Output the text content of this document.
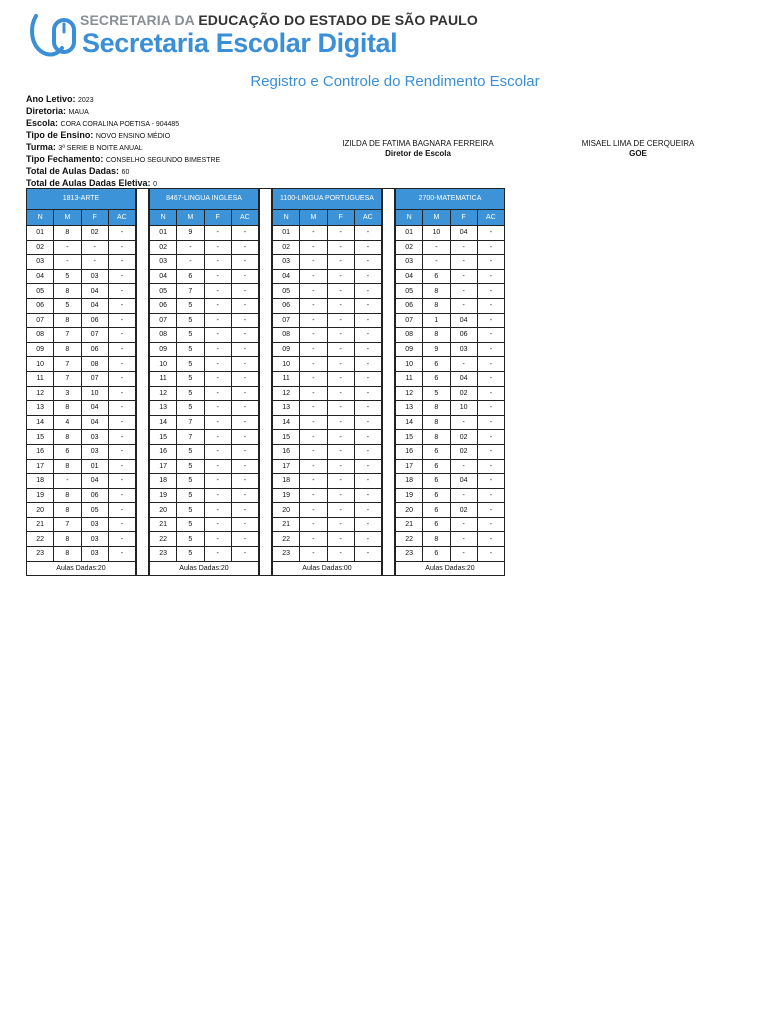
SECRETARIA DA EDUCAÇÃO DO ESTADO DE SÃO PAULO
Secretaria Escolar Digital
Registro e Controle do Rendimento Escolar
Ano Letivo: 2023
Diretoria: MAUA
Escola: CORA CORALINA POETISA - 904485
Tipo de Ensino: NOVO ENSINO MÉDIO
Turma: 3ª SERIE B NOITE ANUAL
Tipo Fechamento: CONSELHO SEGUNDO BIMESTRE
Total de Aulas Dadas: 60
Total de Aulas Dadas Eletiva: 0
IZILDA DE FATIMA BAGNARA FERREIRA
Diretor de Escola
MISAEL LIMA DE CERQUEIRA
GOE
1813-ARTE			
N	M	F	AC
01	8	02	-
02	-	-	-
03	-	-	-
04	5	03	-
05	8	04	-
06	5	04	-
07	8	06	-
08	7	07	-
09	8	06	-
10	7	08	-
11	7	07	-
12	3	10	-
13	8	04	-
14	4	04	-
15	8	03	-
16	6	03	-
17	8	01	-
18	-	04	-
19	8	06	-
20	8	05	-
21	7	03	-
22	8	03	-
23	8	03	-
Aulas Dadas:20			
8467-LINGUA INGLESA			
N	M	F	AC
01	9	-	-
02	-	-	-
03	-	-	-
04	6	-	-
05	7	-	-
06	5	-	-
07	5	-	-
08	5	-	-
09	5	-	-
10	5	-	-
11	5	-	-
12	5	-	-
13	5	-	-
14	7	-	-
15	7	-	-
16	5	-	-
17	5	-	-
18	5	-	-
19	5	-	-
20	5	-	-
21	5	-	-
22	5	-	-
23	5	-	-
Aulas Dadas:20			
1100-LINGUA PORTUGUESA			
N	M	F	AC
01	-	-	-
02	-	-	-
03	-	-	-
04	-	-	-
05	-	-	-
06	-	-	-
07	-	-	-
08	-	-	-
09	-	-	-
10	-	-	-
11	-	-	-
12	-	-	-
13	-	-	-
14	-	-	-
15	-	-	-
16	-	-	-
17	-	-	-
18	-	-	-
19	-	-	-
20	-	-	-
21	-	-	-
22	-	-	-
23	-	-	-
Aulas Dadas:00			
2700-MATEMATICA			
N	M	F	AC
01	10	04	-
02	-	-	-
03	-	-	-
04	6	-	-
05	8	-	-
06	8	-	-
07	1	04	-
08	8	06	-
09	9	03	-
10	6	-	-
11	6	04	-
12	5	02	-
13	8	10	-
14	8	-	-
15	8	02	-
16	6	02	-
17	6	-	-
18	6	04	-
19	6	-	-
20	6	02	-
21	6	-	-
22	8	-	-
23	6	-	-
Aulas Dadas:20			
